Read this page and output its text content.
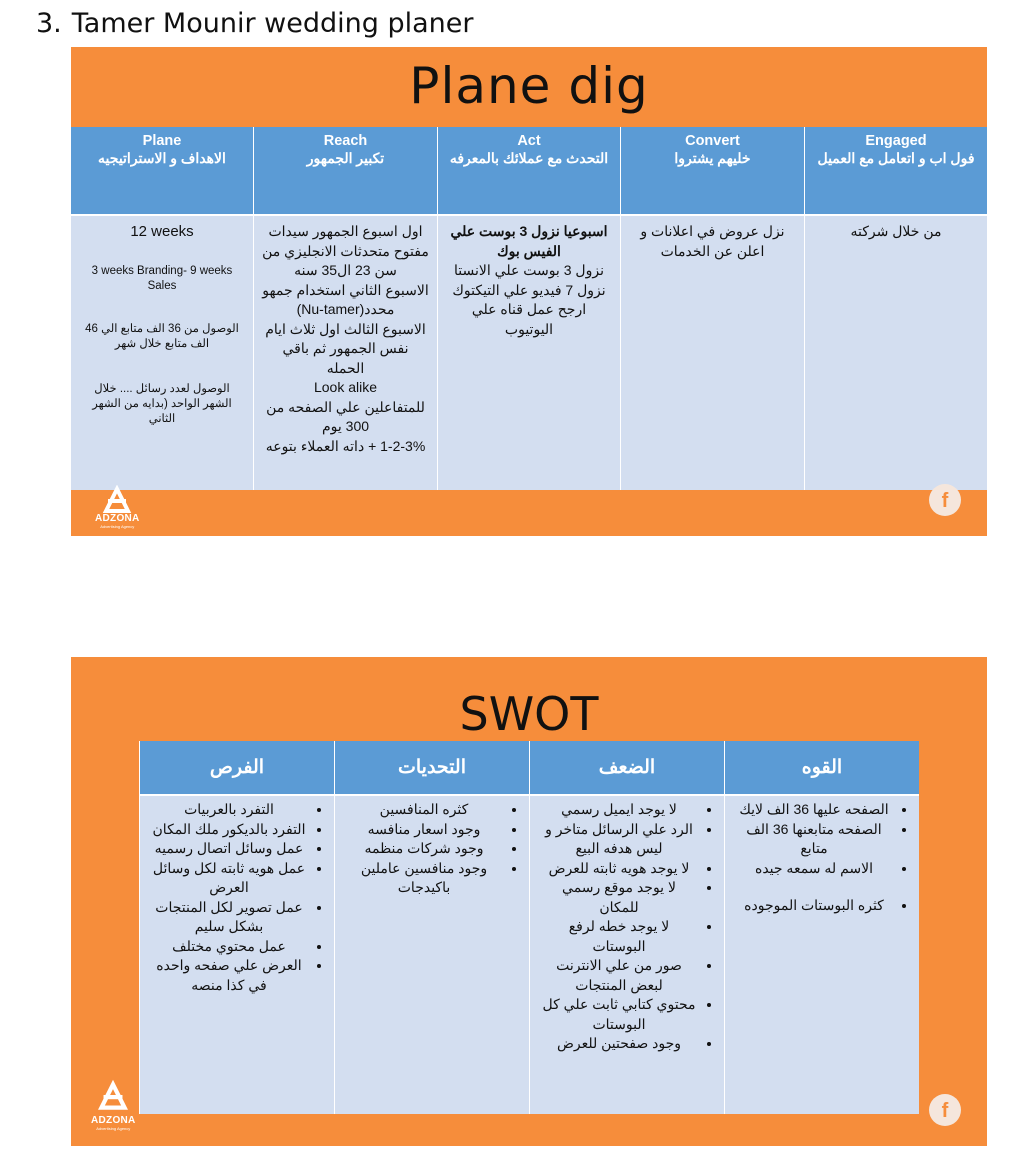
3. Tamer Mounir wedding planer
Plane dig
Plane
الاهداف و الاستراتيجيه
12 weeks
3 weeks Branding- 9 weeks Sales
الوصول من 36 الف متابع الي 46 الف متابع خلال شهر
الوصول لعدد رسائل .... خلال الشهر الواحد (بدايه من الشهر الثاني
Reach
تكبير الجمهور
اول اسبوع الجمهور سيدات مفتوح متحدثات الانجليزي من سن 23 ال35 سنه
الاسبوع الثاني استخدام جمهو محدد(Nu-tamer)
الاسبوع الثالث اول ثلاث ايام نفس الجمهور ثم باقي الحمله
Look alike
للمتفاعلين علي الصفحه من 300 يوم
1-2-3% + داته العملاء بتوعه
Act
التحدث مع عملائك بالمعرفه
اسبوعيا نزول 3 بوست علي الفيس بوك
نزول 3 بوست علي الانستا
نزول 7 فيديو علي التيكتوك
ارجح عمل قناه علي اليوتيوب
Convert
خليهم يشتروا
نزل عروض في اعلانات و اعلن عن الخدمات
Engaged
فول اب و اتعامل مع العميل
من خلال شركته
ADZONA
Advertising Agency
f
SWOT
القوه
• الصفحه عليها 36 الف لايك
• الصفحه متابعنها 36 الف متابع
• الاسم له سمعه جيده
• كثره البوستات الموجوده
الضعف
• لا يوجد ايميل رسمي
• الرد علي الرسائل متاخر و ليس هدفه البيع
• لا يوجد هويه ثابته للعرض
• لا يوجد موقع رسمي للمكان
• لا يوجد خطه لرفع البوستات
• صور من علي الانترنت لبعض المنتجات
• محتوي كتابي ثابت علي كل البوستات
• وجود صفحتين للعرض
التحديات
• كثره المنافسين
• وجود اسعار منافسه
• وجود شركات منظمه
• وجود منافسين عاملين باكيدجات
الفرص
• التفرد بالعربيات
• التفرد بالديكور ملك المكان
• عمل وسائل اتصال رسميه
• عمل هويه ثابته لكل وسائل العرض
• عمل تصوير لكل المنتجات بشكل سليم
• عمل محتوي مختلف
• العرض علي صفحه واحده في كذا منصه
ADZONA
Advertising Agency
f
